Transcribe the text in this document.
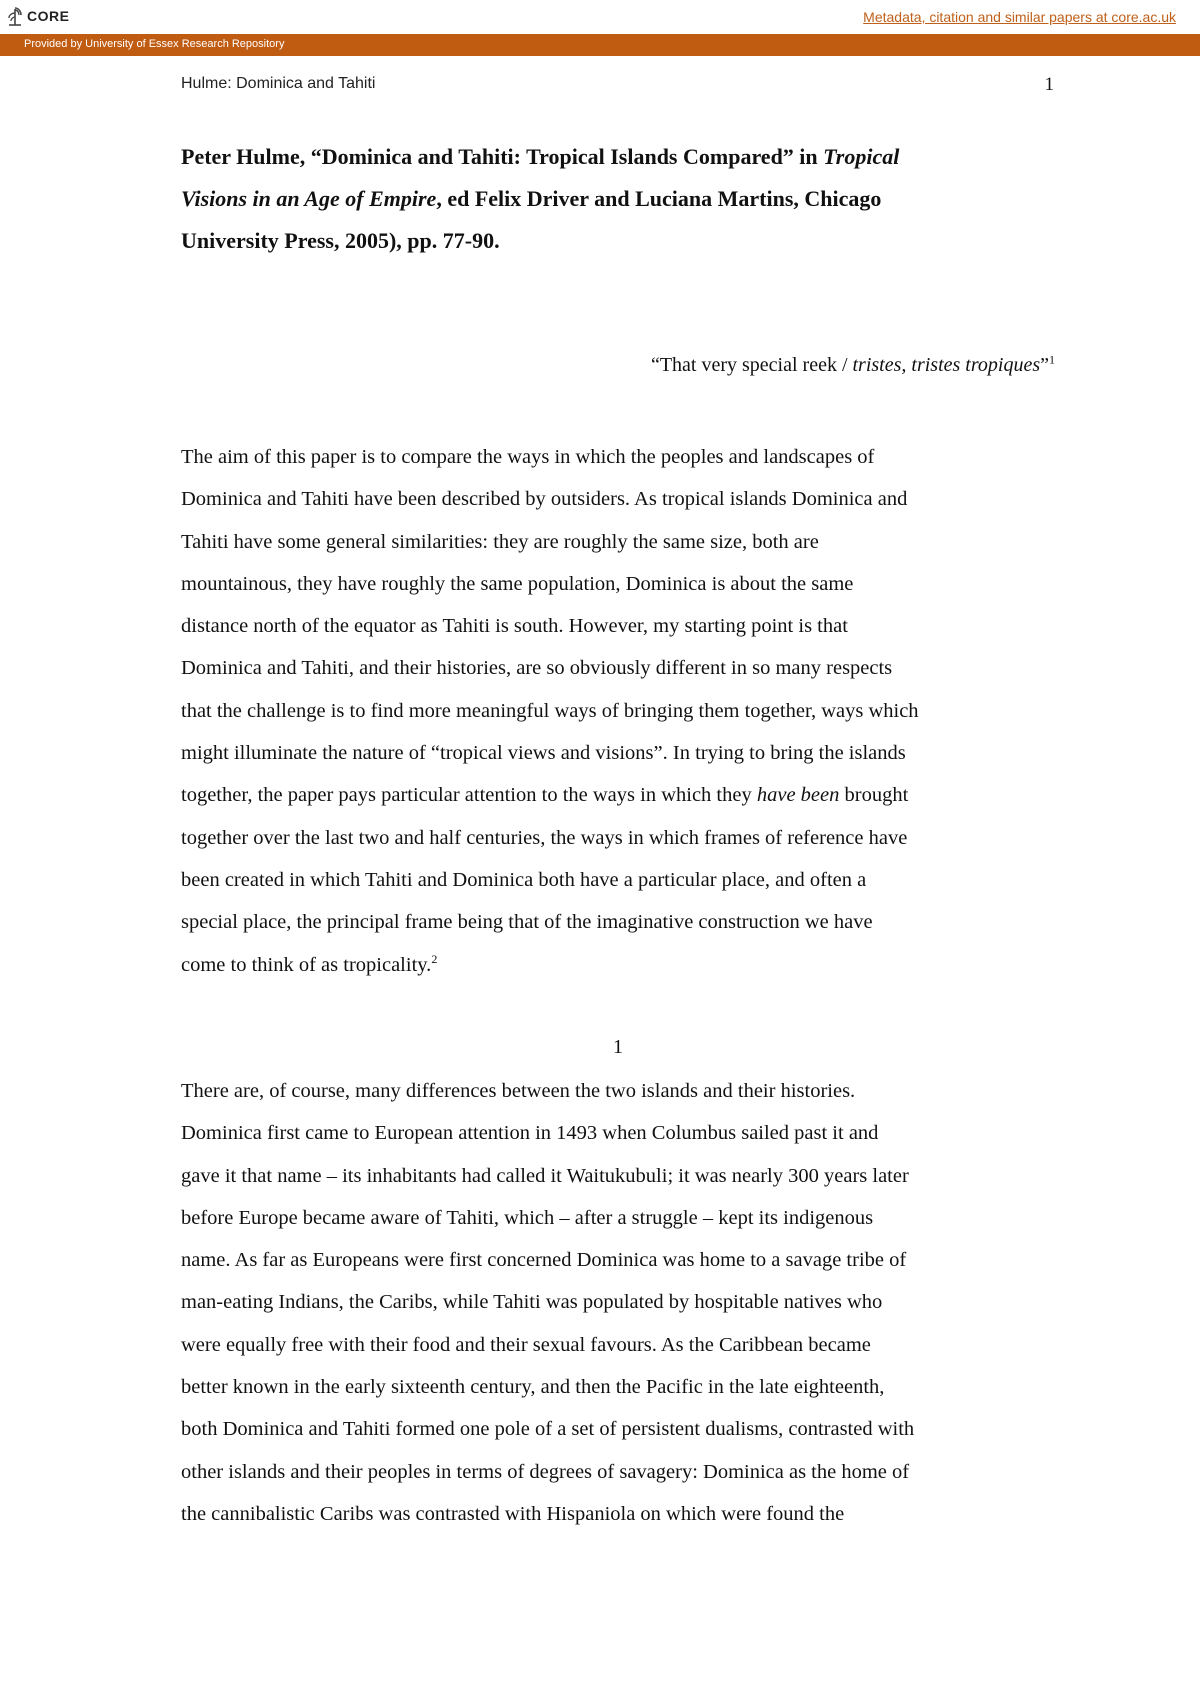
CORE	Metadata, citation and similar papers at core.ac.uk
Provided by University of Essex Research Repository
Hulme: Dominica and Tahiti	1
Peter Hulme, “Dominica and Tahiti: Tropical Islands Compared” in Tropical
Visions in an Age of Empire, ed Felix Driver and Luciana Martins, Chicago
University Press, 2005), pp. 77-90.
“That very special reek / tristes, tristes tropiques”$^1$
The aim of this paper is to compare the ways in which the peoples and landscapes of
Dominica and Tahiti have been described by outsiders. As tropical islands Dominica and
Tahiti have some general similarities: they are roughly the same size, both are
mountainous, they have roughly the same population, Dominica is about the same
distance north of the equator as Tahiti is south. However, my starting point is that
Dominica and Tahiti, and their histories, are so obviously different in so many respects
that the challenge is to find more meaningful ways of bringing them together, ways which
might illuminate the nature of “tropical views and visions”. In trying to bring the islands
together, the paper pays particular attention to the ways in which they have been brought
together over the last two and half centuries, the ways in which frames of reference have
been created in which Tahiti and Dominica both have a particular place, and often a
special place, the principal frame being that of the imaginative construction we have
come to think of as tropicality.$^2$
1
There are, of course, many differences between the two islands and their histories.
Dominica first came to European attention in 1493 when Columbus sailed past it and
gave it that name – its inhabitants had called it Waitukubuli; it was nearly 300 years later
before Europe became aware of Tahiti, which – after a struggle – kept its indigenous
name. As far as Europeans were first concerned Dominica was home to a savage tribe of
man-eating Indians, the Caribs, while Tahiti was populated by hospitable natives who
were equally free with their food and their sexual favours. As the Caribbean became
better known in the early sixteenth century, and then the Pacific in the late eighteenth,
both Dominica and Tahiti formed one pole of a set of persistent dualisms, contrasted with
other islands and their peoples in terms of degrees of savagery: Dominica as the home of
the cannibalistic Caribs was contrasted with Hispaniola on which were found the
